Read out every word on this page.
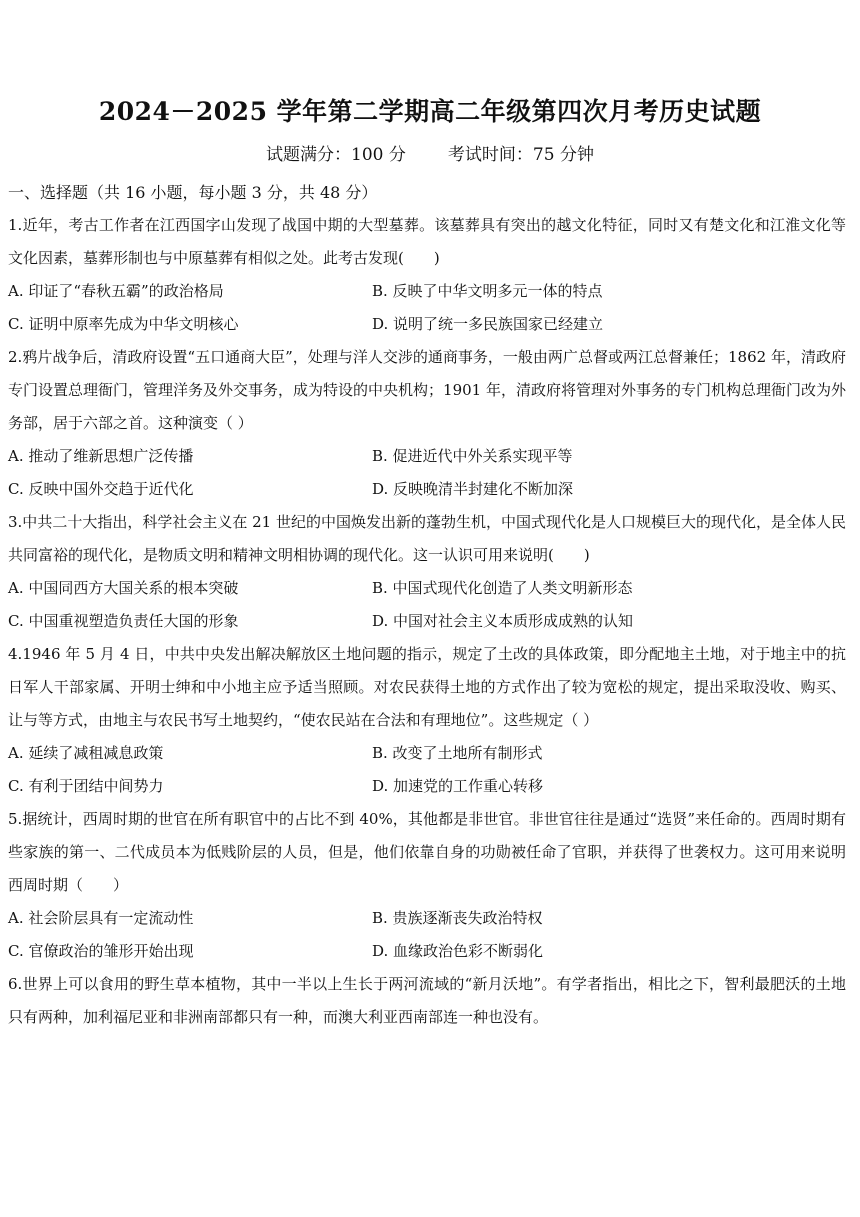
2024－2025 学年第二学期高二年级第四次月考历史试题
试题满分：100 分 考试时间：75 分钟

一、选择题（共 16 小题，每小题 3 分，共 48 分）

1.近年，考古工作者在江西国字山发现了战国中期的大型墓葬。该墓葬具有突出的越文化特征，同时又有楚文化和江淮文化等文化因素，墓葬形制也与中原墓葬有相似之处。此考古发现(　　)

A. 印证了“春秋五霸”的政治格局	B. 反映了中华文明多元一体的特点
C. 证明中原率先成为中华文明核心	D. 说明了统一多民族国家已经建立

2.鸦片战争后，清政府设置“五口通商大臣”，处理与洋人交涉的通商事务，一般由两广总督或两江总督兼任；1862 年，清政府专门设置总理衙门，管理洋务及外交事务，成为特设的中央机构；1901 年，清政府将管理对外事务的专门机构总理衙门改为外务部，居于六部之首。这种演变（ ）

A. 推动了维新思想广泛传播	B. 促进近代中外关系实现平等
C. 反映中国外交趋于近代化	D. 反映晚清半封建化不断加深

3.中共二十大指出，科学社会主义在 21 世纪的中国焕发出新的蓬勃生机，中国式现代化是人口规模巨大的现代化，是全体人民共同富裕的现代化，是物质文明和精神文明相协调的现代化。这一认识可用来说明(　　)

A. 中国同西方大国关系的根本突破	B. 中国式现代化创造了人类文明新形态
C. 中国重视塑造负责任大国的形象	D. 中国对社会主义本质形成成熟的认知

4.1946 年 5 月 4 日，中共中央发出解决解放区土地问题的指示，规定了土改的具体政策，即分配地主土地，对于地主中的抗日军人干部家属、开明士绅和中小地主应予适当照顾。对农民获得土地的方式作出了较为宽松的规定，提出采取没收、购买、让与等方式，由地主与农民书写土地契约，“使农民站在合法和有理地位”。这些规定（ ）

A. 延续了减租减息政策	B. 改变了土地所有制形式
C. 有利于团结中间势力	D. 加速党的工作重心转移

5.据统计，西周时期的世官在所有职官中的占比不到 40%，其他都是非世官。非世官往往是通过“选贤”来任命的。西周时期有些家族的第一、二代成员本为低贱阶层的人员，但是，他们依靠自身的功勋被任命了官职，并获得了世袭权力。这可用来说明西周时期（　　）

A. 社会阶层具有一定流动性	B. 贵族逐渐丧失政治特权
C. 官僚政治的雏形开始出现	D. 血缘政治色彩不断弱化

6.世界上可以食用的野生草本植物，其中一半以上生长于两河流域的“新月沃地”。有学者指出，相比之下，智利最肥沃的土地只有两种，加利福尼亚和非洲南部都只有一种，而澳大利亚西南部连一种也没有。
